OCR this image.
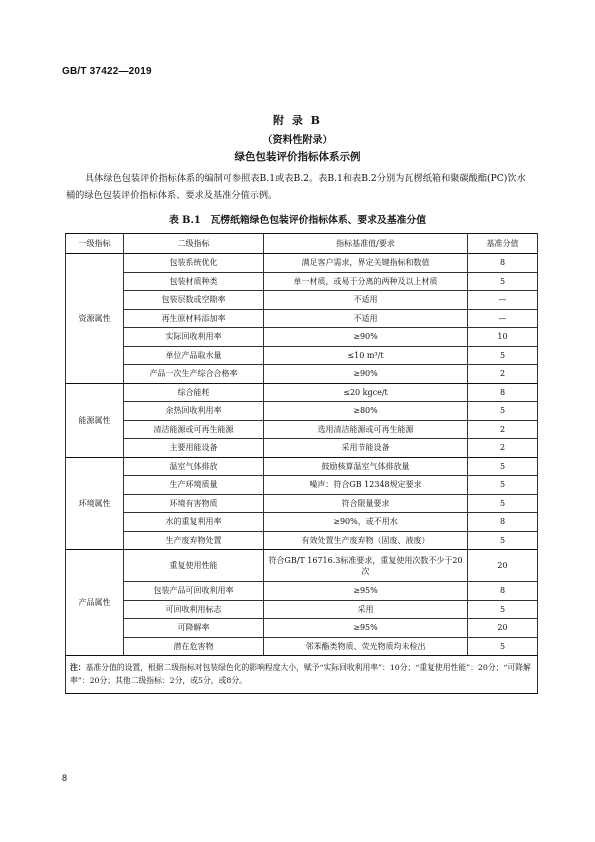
GB/T 37422—2019
附 录 B
（资料性附录）
绿色包装评价指标体系示例
具体绿色包装评价指标体系的编制可参照表B.1或表B.2。表B.1和表B.2分别为瓦楞纸箱和聚碳酸酯(PC)饮水桶的绿色包装评价指标体系、要求及基准分值示例。
表 B.1　瓦楞纸箱绿色包装评价指标体系、要求及基准分值
一级指标	二级指标	指标基准值/要求	基准分值
资源属性	包装系统优化	满足客户需求，界定关键指标和数值	8
	包装材质种类	单一材质，或易于分离的两种及以上材质	5
	包装层数或空隙率	不适用	—
	再生原材料添加率	不适用	—
	实际回收利用率	≥90%	10
	单位产品取水量	≤10 m³/t	5
	产品一次生产综合合格率	≥90%	2
能源属性	综合能耗	≤20 kgce/t	8
	余热回收利用率	≥80%	5
	清洁能源或可再生能源	选用清洁能源或可再生能源	2
	主要用能设备	采用节能设备	2
环境属性	温室气体排放	鼓励核算温室气体排放量	5
	生产环境质量	噪声：符合GB 12348规定要求	5
	环境有害物质	符合限量要求	5
	水的重复利用率	≥90%，或不用水	8
	生产废弃物处置	有效处置生产废弃物（固废、液废）	5
产品属性	重复使用性能	符合GB/T 16716.3标准要求，重复使用次数不少于20次	20
	包装产品可回收利用率	≥95%	8
	可回收利用标志	采用	5
	可降解率	≥95%	20
	潜在危害物	邻苯酯类物质、荧光物质均未检出	5
注：基准分值的设置，根据二级指标对包装绿色化的影响程度大小，赋予“实际回收利用率”：10分；“重复使用性能”：20分；“可降解率”：20分；其他二级指标：2分，或5分，或8分。			
8
